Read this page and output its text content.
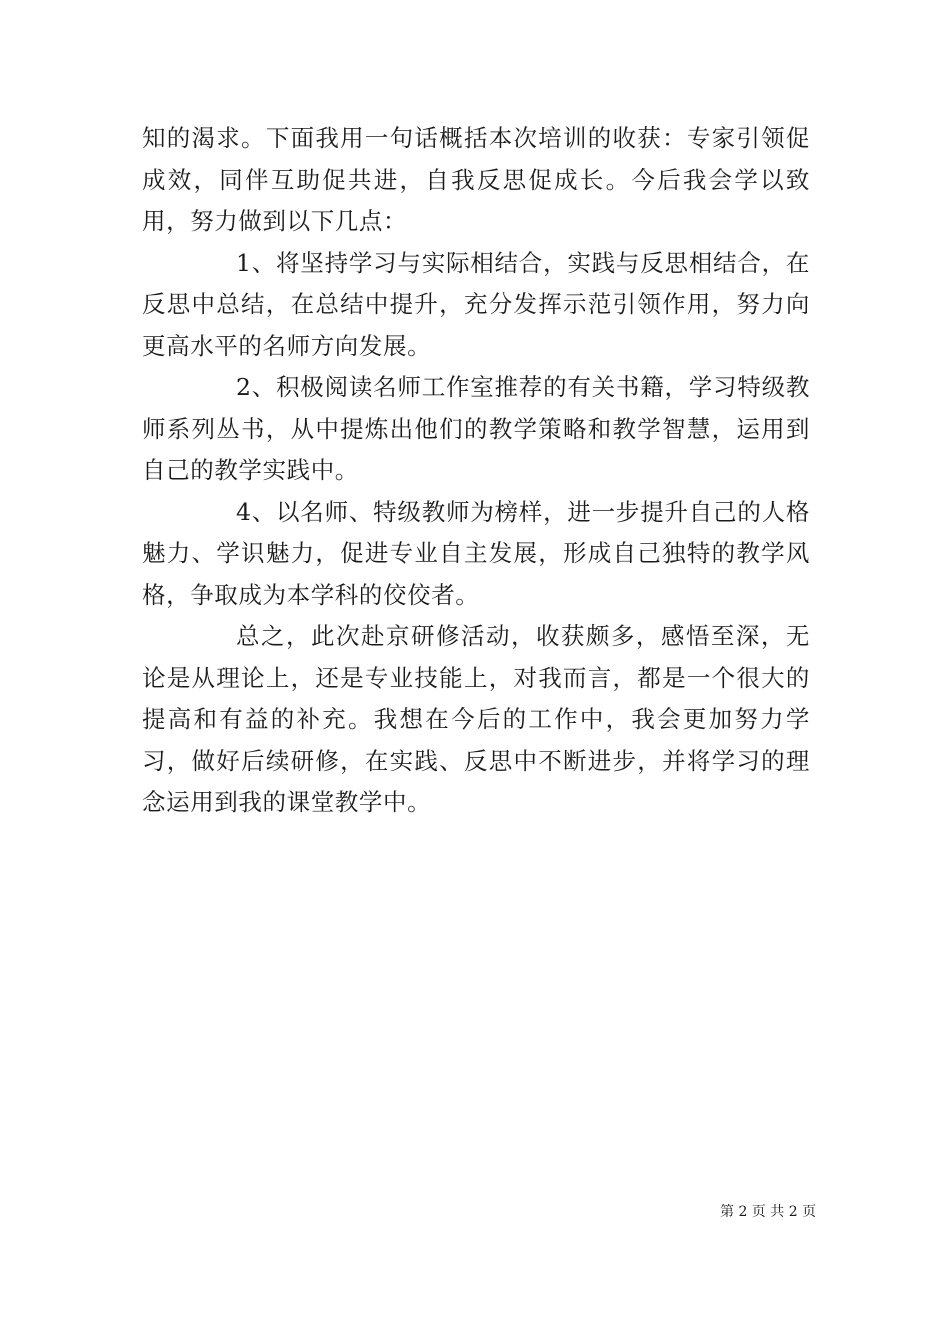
知的渴求。下面我用一句话概括本次培训的收获：专家引领促成效，同伴互助促共进，自我反思促成长。今后我会学以致用，努力做到以下几点：

1、将坚持学习与实际相结合，实践与反思相结合，在反思中总结，在总结中提升，充分发挥示范引领作用，努力向更高水平的名师方向发展。

2、积极阅读名师工作室推荐的有关书籍，学习特级教师系列丛书，从中提炼出他们的教学策略和教学智慧，运用到自己的教学实践中。

4、以名师、特级教师为榜样，进一步提升自己的人格魅力、学识魅力，促进专业自主发展，形成自己独特的教学风格，争取成为本学科的佼佼者。

总之，此次赴京研修活动，收获颇多，感悟至深，无论是从理论上，还是专业技能上，对我而言，都是一个很大的提高和有益的补充。我想在今后的工作中，我会更加努力学习，做好后续研修，在实践、反思中不断进步，并将学习的理念运用到我的课堂教学中。

第 2 页 共 2 页
